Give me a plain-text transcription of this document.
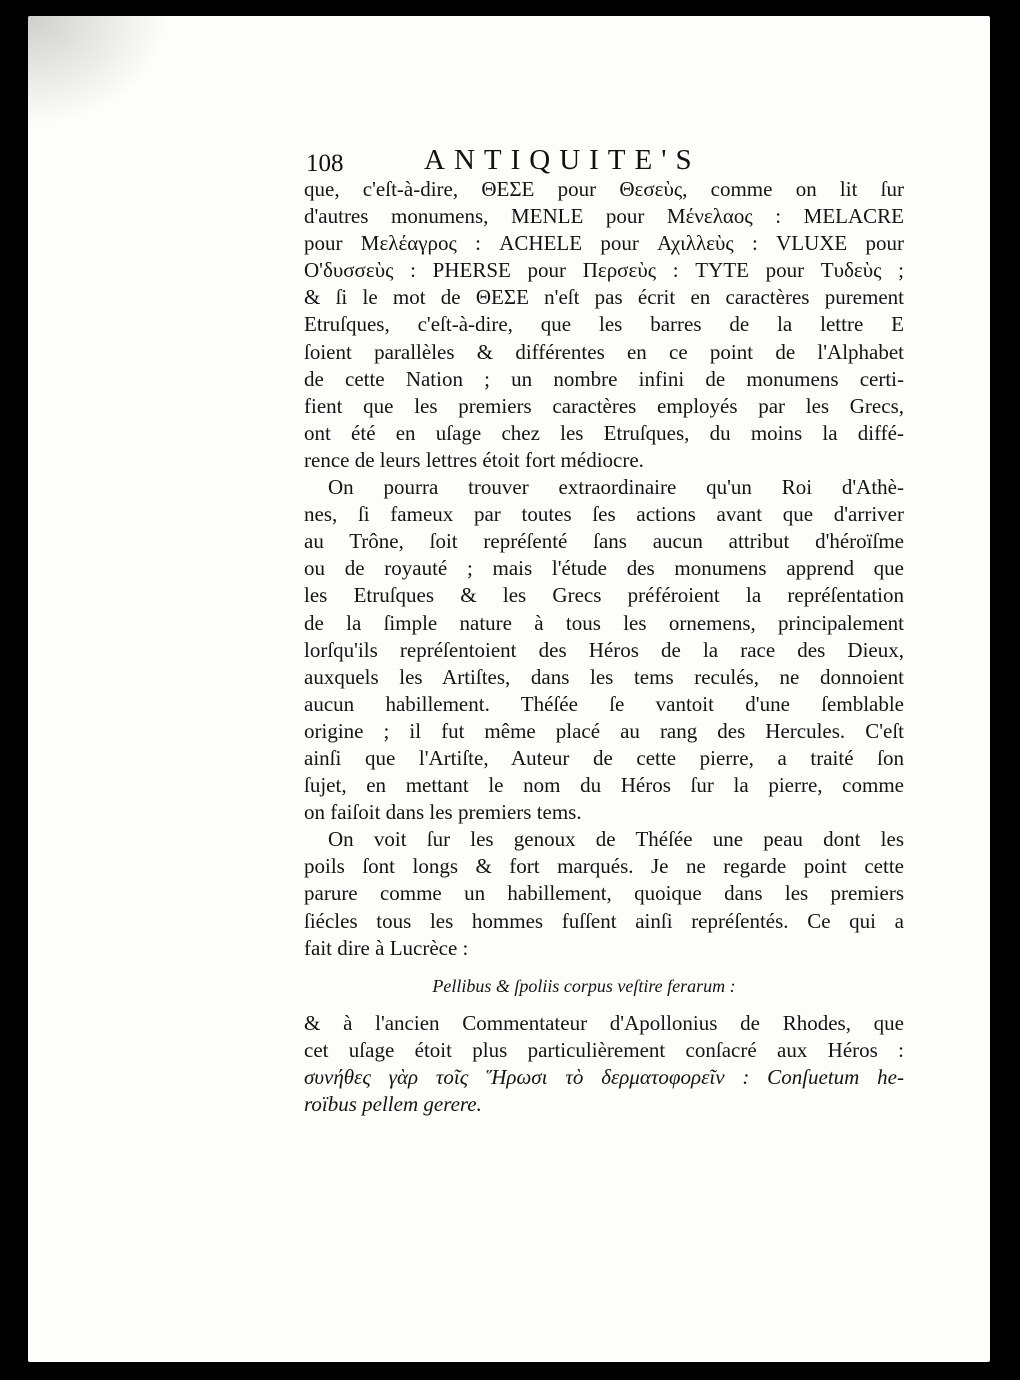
108	ANTIQUITE'S
que, c'eſt-à-dire, ΘΕΣΕ pour Θεσεὺς, comme on lit ſur
d'autres monumens, MENLE pour Μένελαος : MELACRE
pour Μελέαγρος : ACHELE pour Αχιλλεὺς : VLUXE pour
Ο'δυσσεὺς : PHERSE pour Περσεὺς : TYTE pour Τυδεὺς ;
& ſi le mot de ΘΕΣΕ n'eſt pas écrit en caractères purement
Etruſques, c'eſt-à-dire, que les barres de la lettre E
ſoient parallèles & différentes en ce point de l'Alphabet
de cette Nation ; un nombre infini de monumens certi-
fient que les premiers caractères employés par les Grecs,
ont été en uſage chez les Etruſques, du moins la diffé-
rence de leurs lettres étoit fort médiocre.
On pourra trouver extraordinaire qu'un Roi d'Athè-
nes, ſi fameux par toutes ſes actions avant que d'arriver
au Trône, ſoit repréſenté ſans aucun attribut d'héroïſme
ou de royauté ; mais l'étude des monumens apprend que
les Etruſques & les Grecs préféroient la repréſentation
de la ſimple nature à tous les ornemens, principalement
lorſqu'ils repréſentoient des Héros de la race des Dieux,
auxquels les Artiſtes, dans les tems reculés, ne donnoient
aucun habillement. Théſée ſe vantoit d'une ſemblable
origine ; il fut même placé au rang des Hercules. C'eſt
ainſi que l'Artiſte, Auteur de cette pierre, a traité ſon
ſujet, en mettant le nom du Héros ſur la pierre, comme
on faiſoit dans les premiers tems.
On voit ſur les genoux de Théſée une peau dont les
poils ſont longs & fort marqués. Je ne regarde point cette
parure comme un habillement, quoique dans les premiers
ſiécles tous les hommes fuſſent ainſi repréſentés. Ce qui a
fait dire à Lucrèce :
Pellibus & ſpoliis corpus veſtire ferarum :
& à l'ancien Commentateur d'Apollonius de Rhodes, que
cet uſage étoit plus particulièrement conſacré aux Héros :
συνήθες γὰρ τοῖς Ἥρωσι τὸ δερματοφορεῖν : Conſuetum he-
roïbus pellem gerere.
